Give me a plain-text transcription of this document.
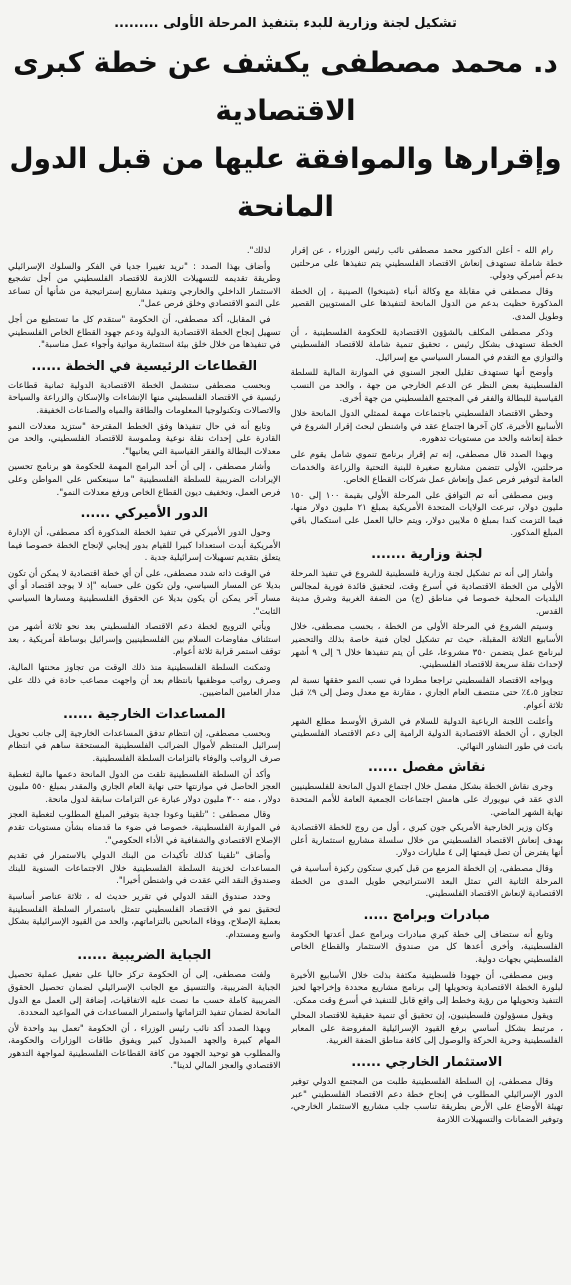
تشكيل لجنة وزارية للبدء بتنفيذ المرحلة الأولى .........
د. محمد مصطفى يكشف عن خطة كبرى الاقتصادية
وإقرارها والموافقة عليها من قبل الدول المانحة

رام الله - أعلن الدكتور محمد مصطفى نائب رئيس الوزراء ، عن إقرار خطة شاملة تستهدف إنعاش الاقتصاد الفلسطيني يتم تنفيذها على مرحلتين بدعم أميركي ودولي.

وقال مصطفى في مقابلة مع وكالة أنباء (شينخوا) الصينية ، إن الخطة المذكورة حظيت بدعم من الدول المانحة لتنفيذها على المستويين القصير وطويل المدى.

وذكر مصطفى المكلف بالشؤون الاقتصادية للحكومة الفلسطينية ، أن الخطة تستهدف بشكل رئيس ، تحقيق تنمية شاملة للاقتصاد الفلسطيني والتوازي مع التقدم في المسار السياسي مع إسرائيل.

وأوضح أنها تستهدف تقليل العجز السنوي في الموازنة المالية للسلطة الفلسطينية بعض النظر عن الدعم الخارجي من جهة ، والحد من النسب القياسية للبطالة والفقر في المجتمع الفلسطيني من جهة أخرى.

وحظي الاقتصاد الفلسطيني باجتماعات مهمة لممثلي الدول المانحة خلال الأسابيع الأخيرة، كان آخرها اجتماع عقد في واشنطن لبحث إقرار الشروع في خطة إنعاشه والحد من مستويات تدهوره.

وبهذا الصدد قال مصطفى، إنه تم إقرار برنامج تنموي شامل يقوم على مرحلتين، الأولى تتضمن مشاريع صغيرة للبنية التحتية والزراعة والخدمات العامة لتوفير فرص عمل وإنعاش عمل شركات القطاع الخاص.

وبين مصطفى أنه تم التوافق على المرحلة الأولى بقيمة ١٠٠ إلى ١٥٠ مليون دولار، تبرعت الولايات المتحدة الأمريكية بمبلغ ٢١ مليون دولار منها، فيما التزمت كندا بمبلغ ٥ ملايين دولار، ويتم حاليا العمل على استكمال باقي المبلغ المذكور.

لجنة وزارية .......

وأشار إلى أنه تم تشكيل لجنة وزارية فلسطينية للشروع في تنفيذ المرحلة الأولى من الخطة الاقتصادية في أسرع وقت، لتحقيق فائدة فورية لمجالس البلديات المحلية خصوصا في مناطق (ج) من الضفة الغربية وشرق مدينة القدس.

وسيتم الشروع في المرحلة الأولى من الخطة ، بحسب مصطفى، خلال الأسابيع الثلاثة المقبلة، حيث تم تشكيل لجان فنية خاصة بذلك والتحضير لبرنامج عمل يتضمن ٣٥٠ مشروعا، على أن يتم تنفيذها خلال ٦ إلى ٩ أشهر لإحداث نقلة سريعة للاقتصاد الفلسطيني.

ويواجه الاقتصاد الفلسطيني تراجعا مطردا في نسب النمو حققها نسبة لم تتجاوز ٤،٥٪ حتى منتصف العام الجاري ، مقارنة مع معدل وصل إلى ٩٪ قبل ثلاثة أعوام.

وأعلنت اللجنة الرباعية الدولية للسلام في الشرق الأوسط مطلع الشهر الجاري ، أن الخطة الاقتصادية الدولية الرامية إلى دعم الاقتصاد الفلسطيني باتت في طور التشاور النهائي.

نقاش مفصل ......

وجرى نقاش الخطة بشكل مفصل خلال اجتماع الدول المانحة للفلسطينيين الذي عقد في نيويورك على هامش اجتماعات الجمعية العامة للأمم المتحدة نهاية الشهر الماضي.

وكان وزير الخارجية الأمريكي جون كيري ، أول من روج للخطة الاقتصادية بهدف إنعاش الاقتصاد الفلسطيني من خلال سلسلة مشاريع استثمارية أعلن أنها يفترض أن تصل قيمتها إلى ٤ مليارات دولار.

وقال مصطفى، إن الخطة المزمع من قبل كيري ستكون ركيزة أساسية في المرحلة الثانية التي تمثل البعد الاستراتيجي طويل المدى من الخطة الاقتصادية لإنعاش الاقتصاد الفلسطيني.

مبادرات وبرامج .....

وتابع أنه ستضاف إلى خطة كيري مبادرات وبرامج عمل أعدتها الحكومة الفلسطينية، وأخرى أعدها كل من صندوق الاستثمار والقطاع الخاص الفلسطيني بجهات دولية.

وبين مصطفى، أن جهودا فلسطينية مكثفة بذلت خلال الأسابيع الأخيرة لبلورة الخطة الاقتصادية وتحويلها إلى برنامج مشاريع محددة وإخراجها لحيز التنفيذ وتحويلها من رؤية وخطط إلى واقع قابل للتنفيذ في أسرع وقت ممكن.

ويقول مسؤولون فلسطينيون، إن تحقيق أي تنمية حقيقية للاقتصاد المحلي ، مرتبط بشكل أساسي برفع القيود الإسرائيلية المفروضة على المعابر الفلسطينية وحرية الحركة والوصول إلى كافة مناطق الضفة الغربية.

الاستثمار الخارجي ......

وقال مصطفى، إن السلطة الفلسطينية طلبت من المجتمع الدولي توفير الدور الإسرائيلي المطلوب في إنجاح خطة دعم الاقتصاد الفلسطيني "عبر تهيئة الأوضاع على الأرض بطريقة تناسب جلب مشاريع الاستثمار الخارجي، وتوفير الضمانات والتسهيلات اللازمة

لذلك".

وأضاف بهذا الصدد : "نريد تغييرا جديا في الفكر والسلوك الإسرائيلي وطريقة تقديمه للتسهيلات اللازمة للاقتصاد الفلسطيني من أجل تشجيع الاستثمار الداخلي والخارجي وتنفيذ مشاريع إستراتيجية من شأنها أن تساعد على النمو الاقتصادي وخلق فرص عمل".

في المقابل، أكد مصطفى، أن الحكومة "ستقدم كل ما تستطيع من أجل تسهيل إنجاح الخطة الاقتصادية الدولية ودعم جهود القطاع الخاص الفلسطيني في تنفيذها من خلال خلق بيئة استثمارية مواتية وأجواء عمل مناسبة".

القطاعات الرئيسية في الخطة ......

وبحسب مصطفى ستشمل الخطة الاقتصادية الدولية ثمانية قطاعات رئيسية في الاقتصاد الفلسطيني منها الإنشاءات والإسكان والزراعة والسياحة والاتصالات وتكنولوجيا المعلومات والطاقة والمياه والصناعات الخفيفة.

وتابع أنه في حال تنفيذها وفق الخطط المقترحة "ستزيد معدلات النمو القادرة على إحداث نقلة نوعية وملموسة للاقتصاد الفلسطيني، والحد من معدلات البطالة والفقر القياسية التي يعانيها".

وأشار مصطفى ، إلى أن أحد البرامج المهمة للحكومة هو برنامج تحسين الإيرادات الضريبية للسلطة الفلسطينية "ما سينعكس على المواطن وعلى فرص العمل، وتخفيف ديون القطاع الخاص ورفع معدلات النمو".

الدور الأميركي ......

وحول الدور الأميركي في تنفيذ الخطة المذكورة أكد مصطفى، أن الإدارة الأمريكية أبدت استعدادا كبيرا للقيام بدور إيجابي لإنجاح الخطة خصوصا فيما يتعلق بتقديم تسهيلات إسرائيلية جدية .

في الوقت ذاته شدد مصطفى، على أن أي خطة اقتصادية لا يمكن أن تكون بديلا عن المسار السياسي، ولن تكون على حسابه "إذ لا يوجد اقتصاد أو أي مسار آخر يمكن أن يكون بديلا عن الحقوق الفلسطينية ومسارها السياسي الثابت".

ويأتي الترويج لخطة دعم الاقتصاد الفلسطيني بعد نحو ثلاثة أشهر من استئناف مفاوضات السلام بين الفلسطينيين وإسرائيل بوساطة أمريكية ، بعد توقف استمر قرابة ثلاثة أعوام.

وتمكنت السلطة الفلسطينية منذ ذلك الوقت من تجاوز محنتها المالية، وصرف رواتب موظفيها بانتظام بعد أن واجهت مصاعب حادة في ذلك على مدار العامين الماضيين.

المساعدات الخارجية ......

وبحسب مصطفى، إن انتظام تدفق المساعدات الخارجية إلى جانب تحويل إسرائيل المنتظم لأموال الضرائب الفلسطينية المستحقة ساهم في انتظام صرف الرواتب والوفاء بالتزامات السلطة الفلسطينية.

وأكد أن السلطة الفلسطينية تلقت من الدول المانحة دعمها مالية لتغطية العجز الحاصل في موازنتها حتى نهاية العام الجاري والمقدر بمبلغ ٥٥٠ مليون دولار ، منه ٣٠٠ مليون دولار عبارة عن التزامات سابقة لدول مانحة.

وقال مصطفى : "تلقينا وعودا جدية بتوفير المبلغ المطلوب لتغطية العجز في الموازنة الفلسطينية، خصوصا في ضوء ما قدمناه بشأن مستويات تقدم الإصلاح الاقتصادي والشفافية في الأداء الحكومي".

وأضاف "تلقينا كذلك تأكيدات من البنك الدولي بالاستمرار في تقديم المساعدات لخزينة السلطة الفلسطينية خلال الاجتماعات السنوية للبنك وصندوق النقد التي عقدت في واشنطن أخيرا".

وحدد صندوق النقد الدولي في تقرير حديث له ، ثلاثة عناصر أساسية لتحقيق نمو في الاقتصاد الفلسطيني تتمثل باستمرار السلطة الفلسطينية بعملية الإصلاح، ووفاء المانحين بالتزاماتهم، والحد من القيود الإسرائيلية بشكل واسع ومستدام.

الجباية الضريبية ......

ولفت مصطفى، إلى أن الحكومة تركز حاليا على تفعيل عملية تحصيل الجباية الضريبية، والتنسيق مع الجانب الإسرائيلي لضمان تحصيل الحقوق الضريبية كاملة حسب ما نصت عليه الاتفاقيات، إضافة إلى العمل مع الدول المانحة لضمان تنفيذ التزاماتها واستمرار المساعدات في المواعيد المحددة.

وبهذا الصدد أكد نائب رئيس الوزراء ، أن الحكومة "تعمل بيد واحدة لأن المهام كبيرة والجهد المبذول كبير ويفوق طاقات الوزارات والحكومة، والمطلوب هو توحيد الجهود من كافة القطاعات الفلسطينية لمواجهة التدهور الاقتصادي والعجز المالي لدينا".
